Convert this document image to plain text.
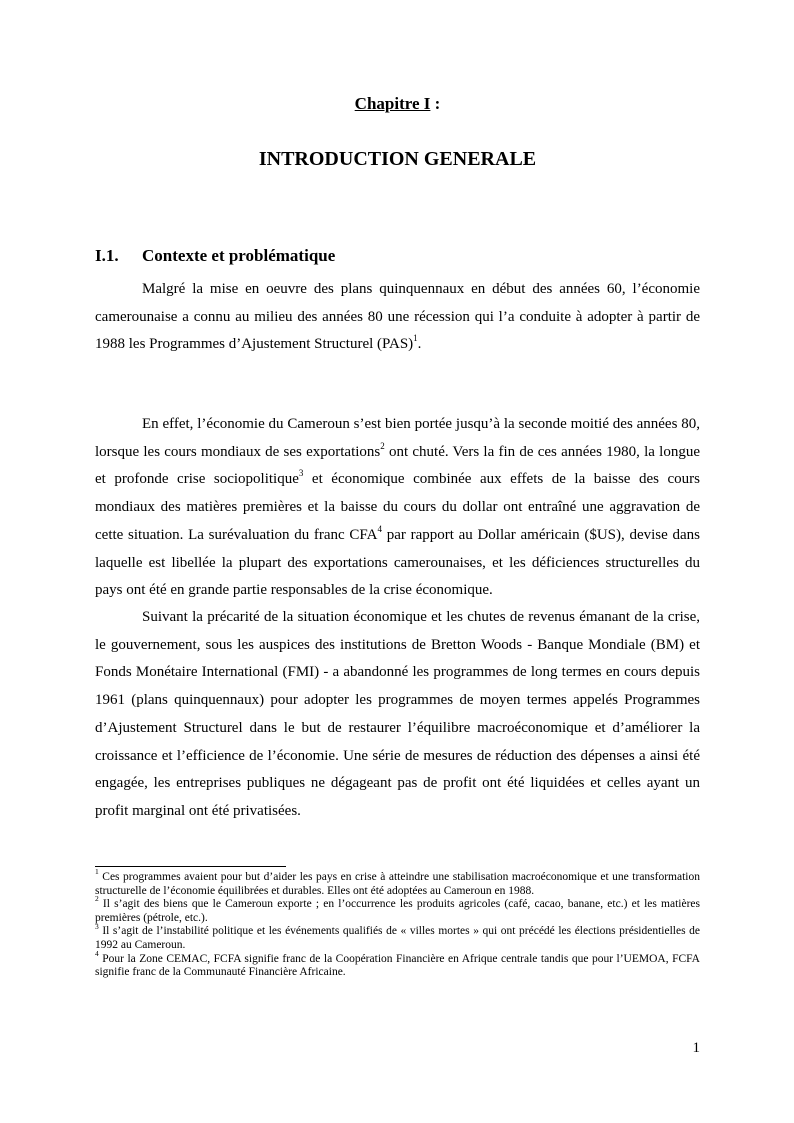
Chapitre I :
INTRODUCTION GENERALE
I.1. Contexte et problématique

Malgré la mise en oeuvre des plans quinquennaux en début des années 60, l’économie camerounaise a connu au milieu des années 80 une récession qui l’a conduite à adopter à partir de 1988 les Programmes d’Ajustement Structurel (PAS)$^1$.

En effet, l’économie du Cameroun s’est bien portée jusqu’à la seconde moitié des années 80, lorsque les cours mondiaux de ses exportations$^2$ ont chuté. Vers la fin de ces années 1980, la longue et profonde crise sociopolitique$^3$ et économique combinée aux effets de la baisse des cours mondiaux des matières premières et la baisse du cours du dollar ont entraîné une aggravation de cette situation. La surévaluation du franc CFA$^4$ par rapport au Dollar américain ($US), devise dans laquelle est libellée la plupart des exportations camerounaises, et les déficiences structurelles du pays ont été en grande partie responsables de la crise économique.

Suivant la précarité de la situation économique et les chutes de revenus émanant de la crise, le gouvernement, sous les auspices des institutions de Bretton Woods - Banque Mondiale (BM) et Fonds Monétaire International (FMI) - a abandonné les programmes de long termes en cours depuis 1961 (plans quinquennaux) pour adopter les programmes de moyen termes appelés Programmes d’Ajustement Structurel dans le but de restaurer l’équilibre macroéconomique et d’améliorer la croissance et l’efficience de l’économie. Une série de mesures de réduction des dépenses a ainsi été engagée, les entreprises publiques ne dégageant pas de profit ont été liquidées et celles ayant un profit marginal ont été privatisées.

$^1$ Ces programmes avaient pour but d’aider les pays en crise à atteindre une stabilisation macroéconomique et une transformation structurelle de l’économie équilibrées et durables. Elles ont été adoptées au Cameroun en 1988.

$^2$ Il s’agit des biens que le Cameroun exporte ; en l’occurrence les produits agricoles (café, cacao, banane, etc.) et les matières premières (pétrole, etc.).

$^3$ Il s’agit de l’instabilité politique et les événements qualifiés de « villes mortes » qui ont précédé les élections présidentielles de 1992 au Cameroun.

$^4$ Pour la Zone CEMAC, FCFA signifie franc de la Coopération Financière en Afrique centrale tandis que pour l’UEMOA, FCFA signifie franc de la Communauté Financière Africaine.

1
